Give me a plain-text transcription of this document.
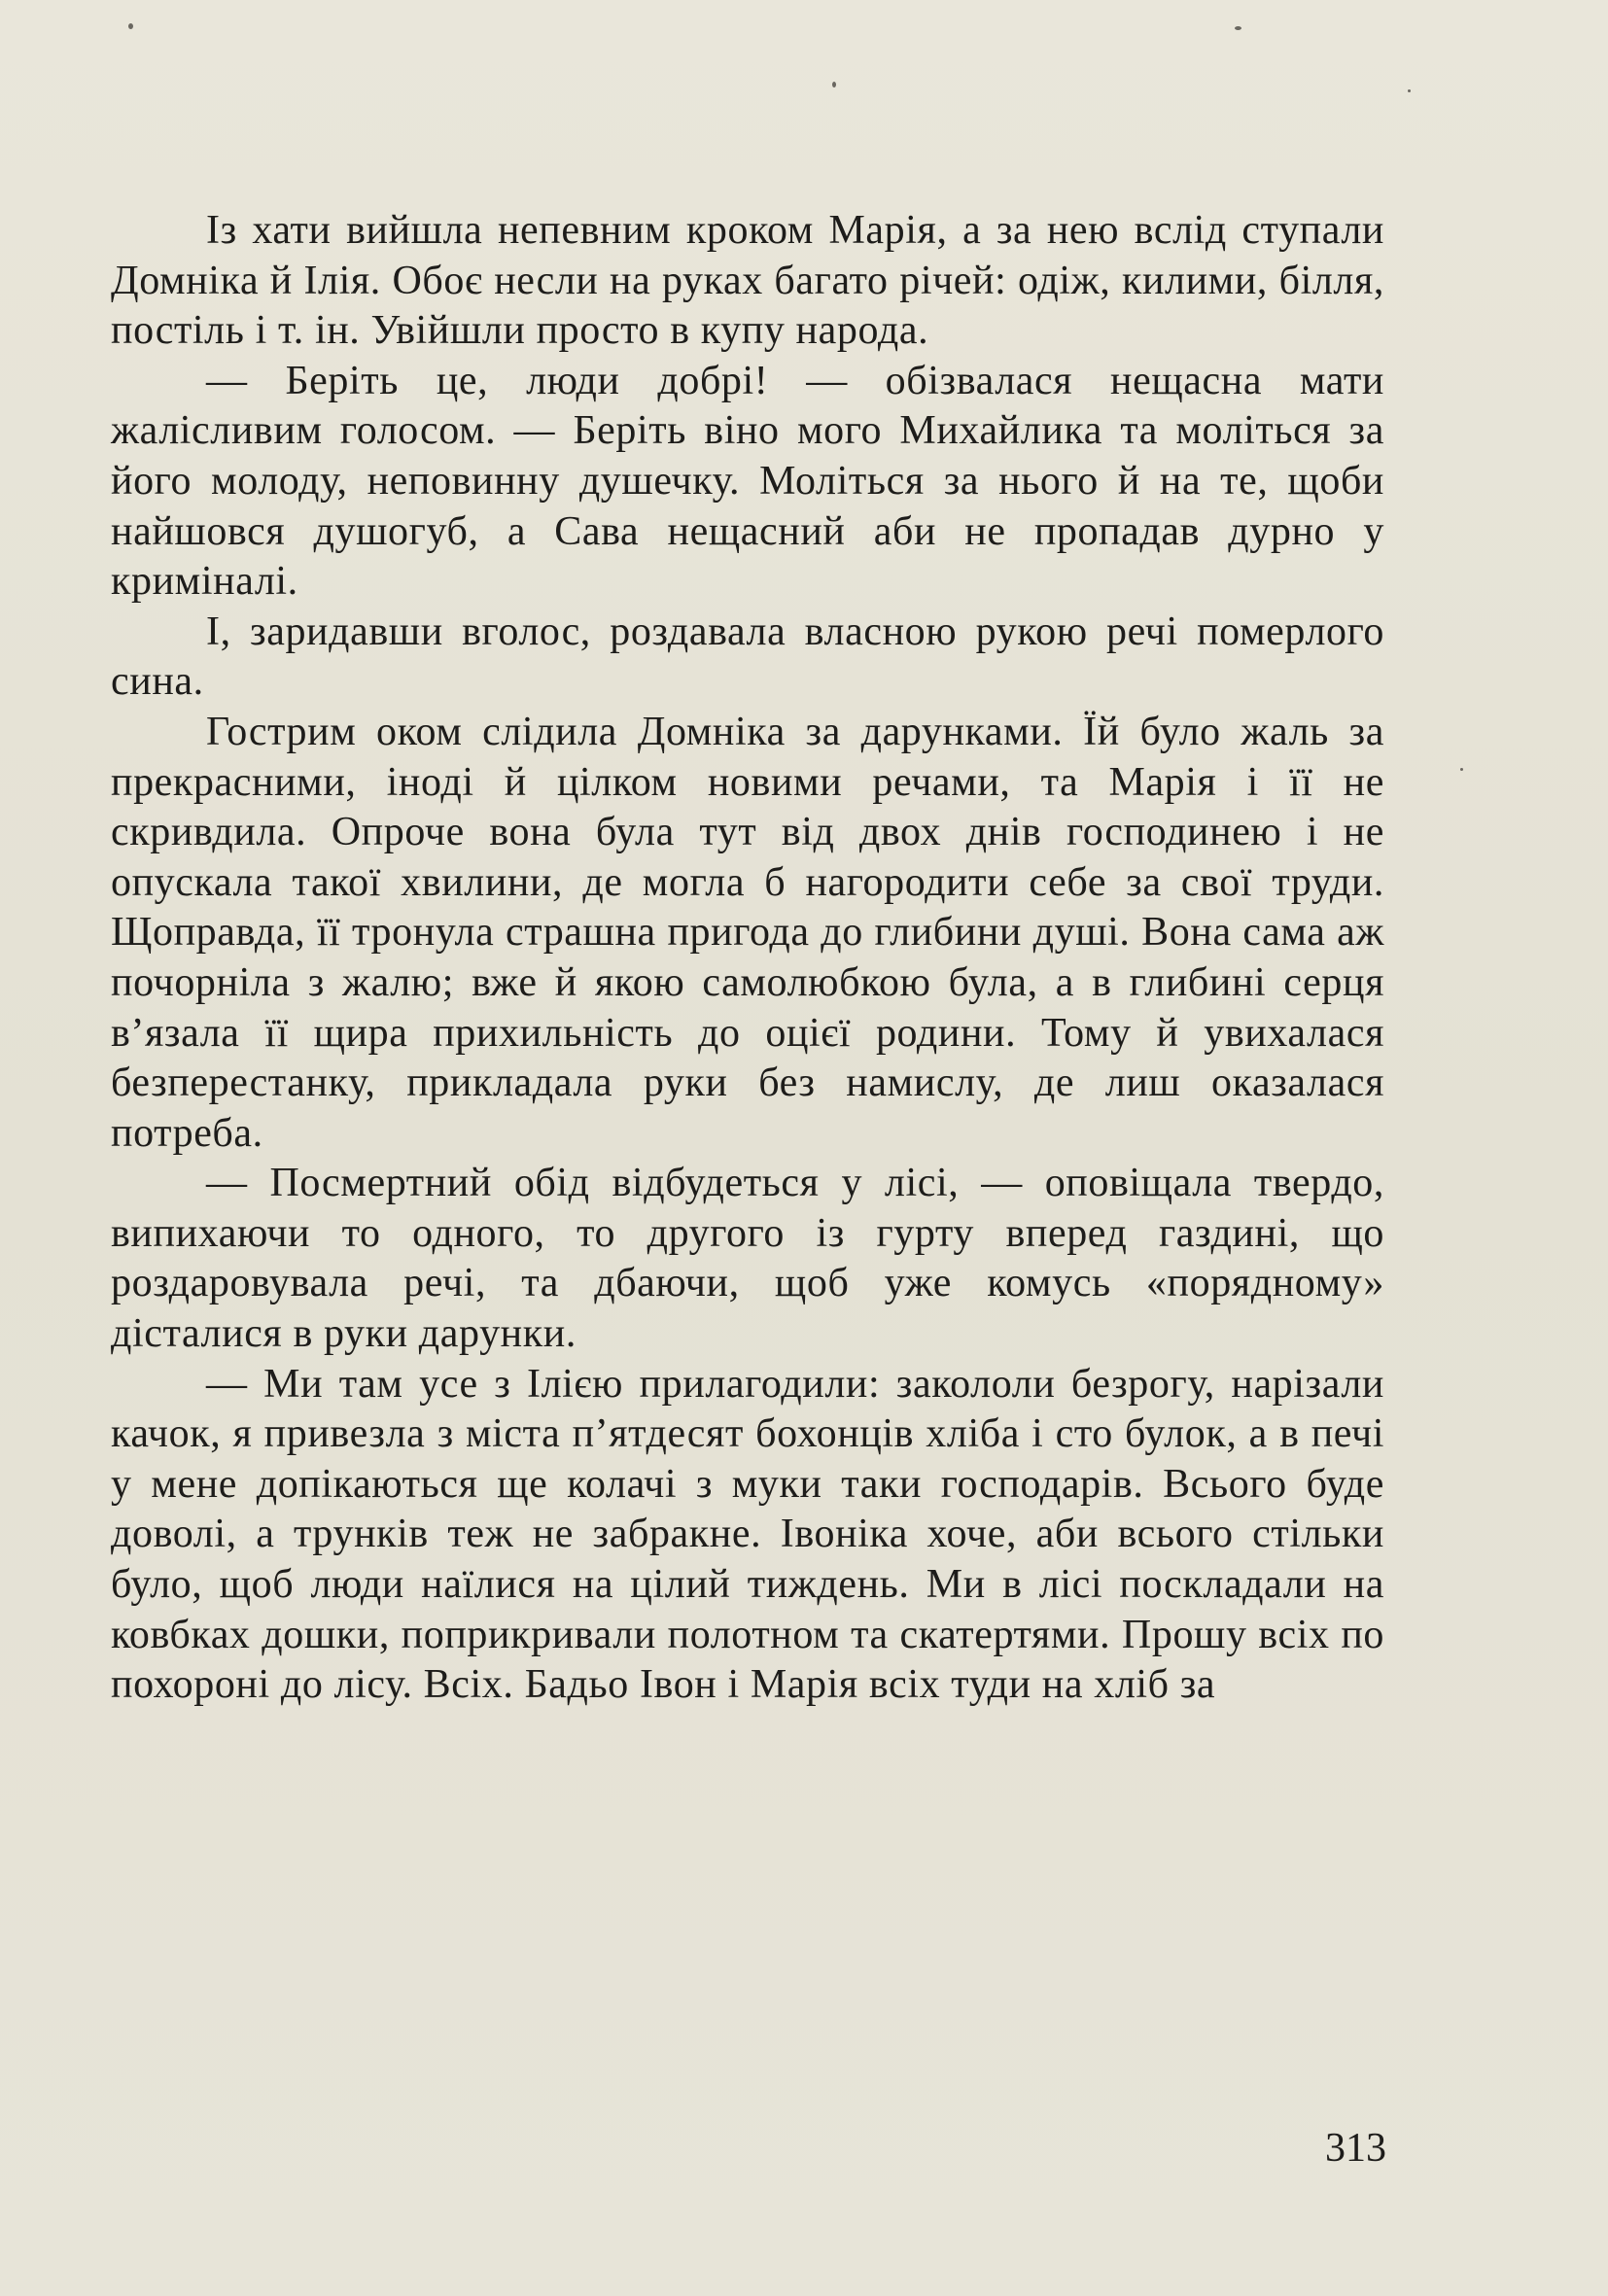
Із хати вийшла непевним кроком Марія, а за нею вслід ступали Домніка й Ілія. Обоє несли на руках багато річей: одіж, килими, білля, постіль і т. ін. Увійшли просто в купу народа.

— Беріть це, люди добрі! — обізвалася нещасна мати жалісливим голосом. — Беріть віно мого Михайлика та моліться за його молоду, неповинну душечку. Моліться за нього й на те, щоби найшовся душогуб, а Сава нещасний аби не пропадав дурно у криміналі.

І, заридавши вголос, роздавала власною рукою речі померлого сина.

Гострим оком слідила Домніка за дарунками. Їй було жаль за прекрасними, іноді й цілком новими речами, та Марія і її не скривдила. Опроче вона була тут від двох днів господинею і не опускала такої хвилини, де могла б нагородити себе за свої труди. Щоправда, її тронула страшна пригода до глибини душі. Вона сама аж почорніла з жалю; вже й якою самолюбкою була, а в глибині серця в’язала її щира прихильність до оцієї родини. Тому й увихалася безперестанку, прикладала руки без намислу, де лиш оказалася потреба.

— Посмертний обід відбудеться у лісі, — оповіщала твердо, випихаючи то одного, то другого із гурту вперед газдині, що роздаровувала речі, та дбаючи, щоб уже комусь «порядному» дісталися в руки дарунки.

— Ми там усе з Ілією прилагодили: закололи безрогу, нарізали качок, я привезла з міста п’ятдесят бохонців хліба і сто булок, а в печі у мене допікаються ще колачі з муки таки господарів. Всього буде доволі, а трунків теж не забракне. Івоніка хоче, аби всього стільки було, щоб люди наїлися на цілий тиждень. Ми в лісі поскладали на ковбках дошки, поприкривали полотном та скатертями. Прошу всіх по похороні до лісу. Всіх. Бадьо Івон і Марія всіх туди на хліб за

313
